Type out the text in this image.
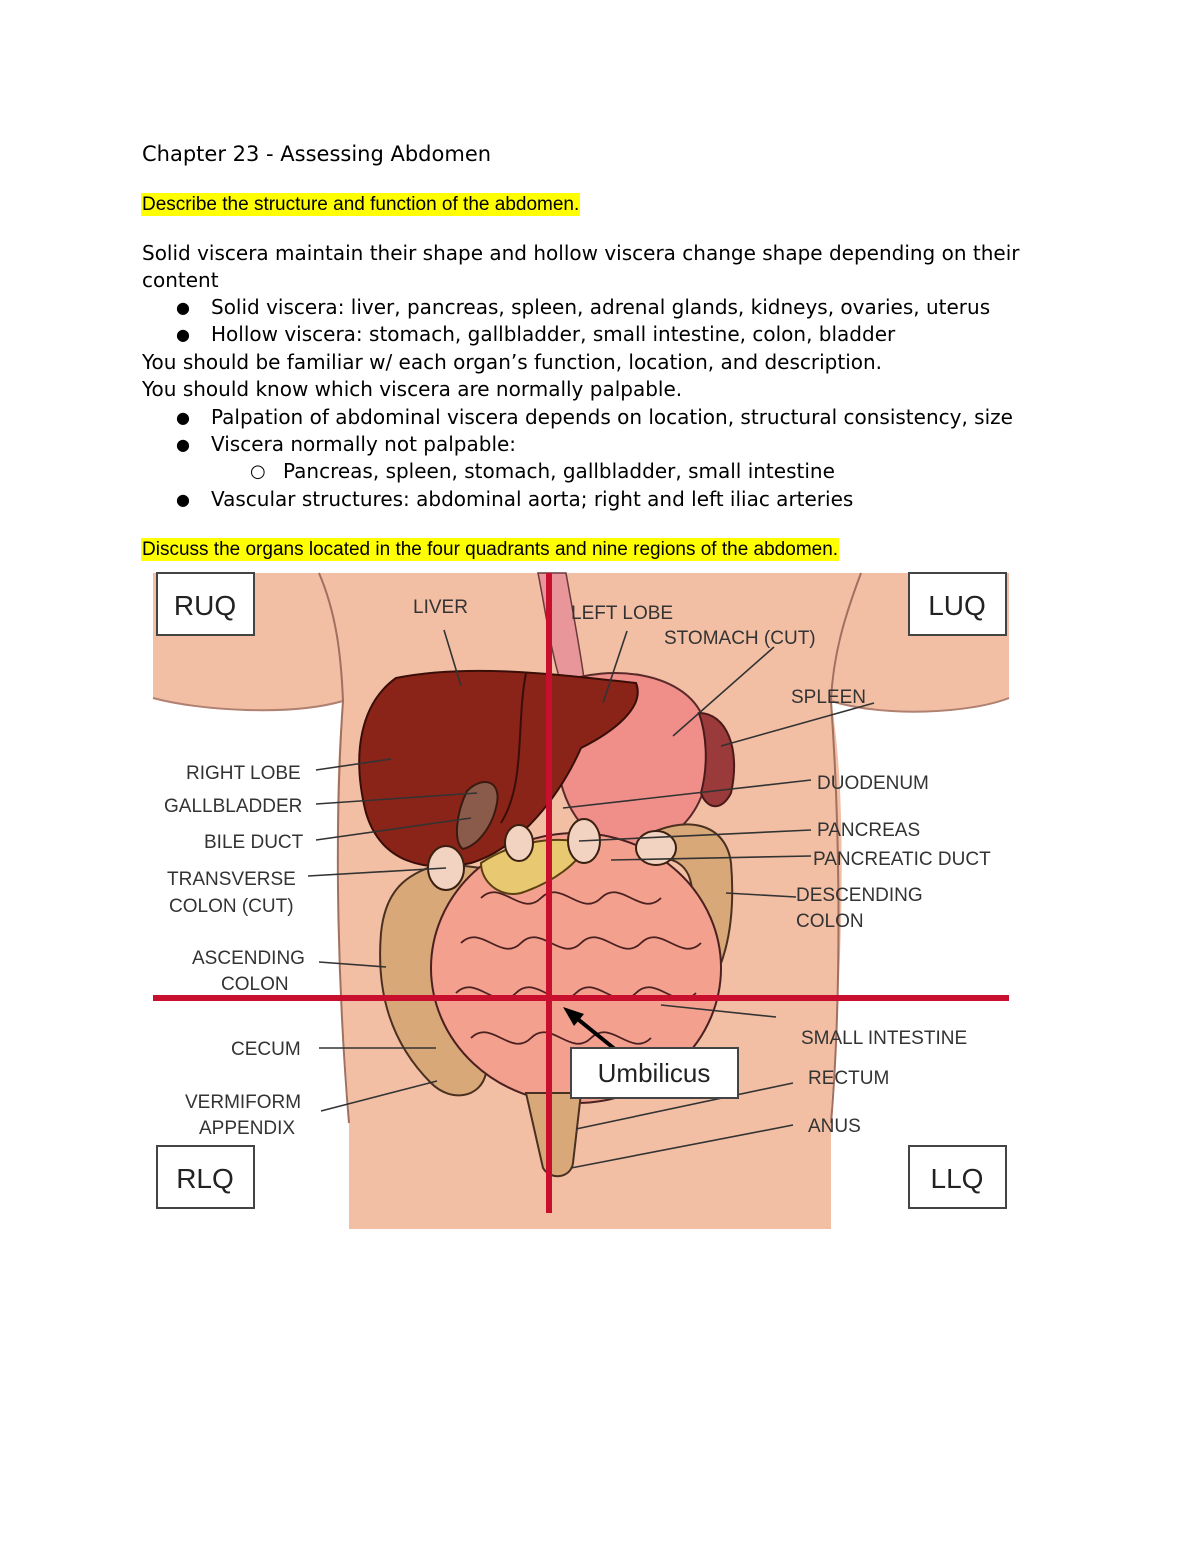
Chapter 23 - Assessing Abdomen
Describe the structure and function of the abdomen.
Solid viscera maintain their shape and hollow viscera change shape depending on their
content
● Solid viscera: liver, pancreas, spleen, adrenal glands, kidneys, ovaries, uterus
● Hollow viscera: stomach, gallbladder, small intestine, colon, bladder
You should be familiar w/ each organ’s function, location, and description.
You should know which viscera are normally palpable.
● Palpation of abdominal viscera depends on location, structural consistency, size
● Viscera normally not palpable:
○ Pancreas, spleen, stomach, gallbladder, small intestine
● Vascular structures: abdominal aorta; right and left iliac arteries
Discuss the organs located in the four quadrants and nine regions of the abdomen.
RUQ	LUQ
RLQ	LLQ
Umbilicus
LIVER	LEFT LOBE
STOMACH (CUT)
SPLEEN
RIGHT LOBE
GALLBLADDER
BILE DUCT
TRANSVERSE
COLON (CUT)
ASCENDING
COLON
CECUM
VERMIFORM
APPENDIX
DUODENUM
PANCREAS
PANCREATIC DUCT
DESCENDING
COLON
SMALL INTESTINE
RECTUM
ANUS
